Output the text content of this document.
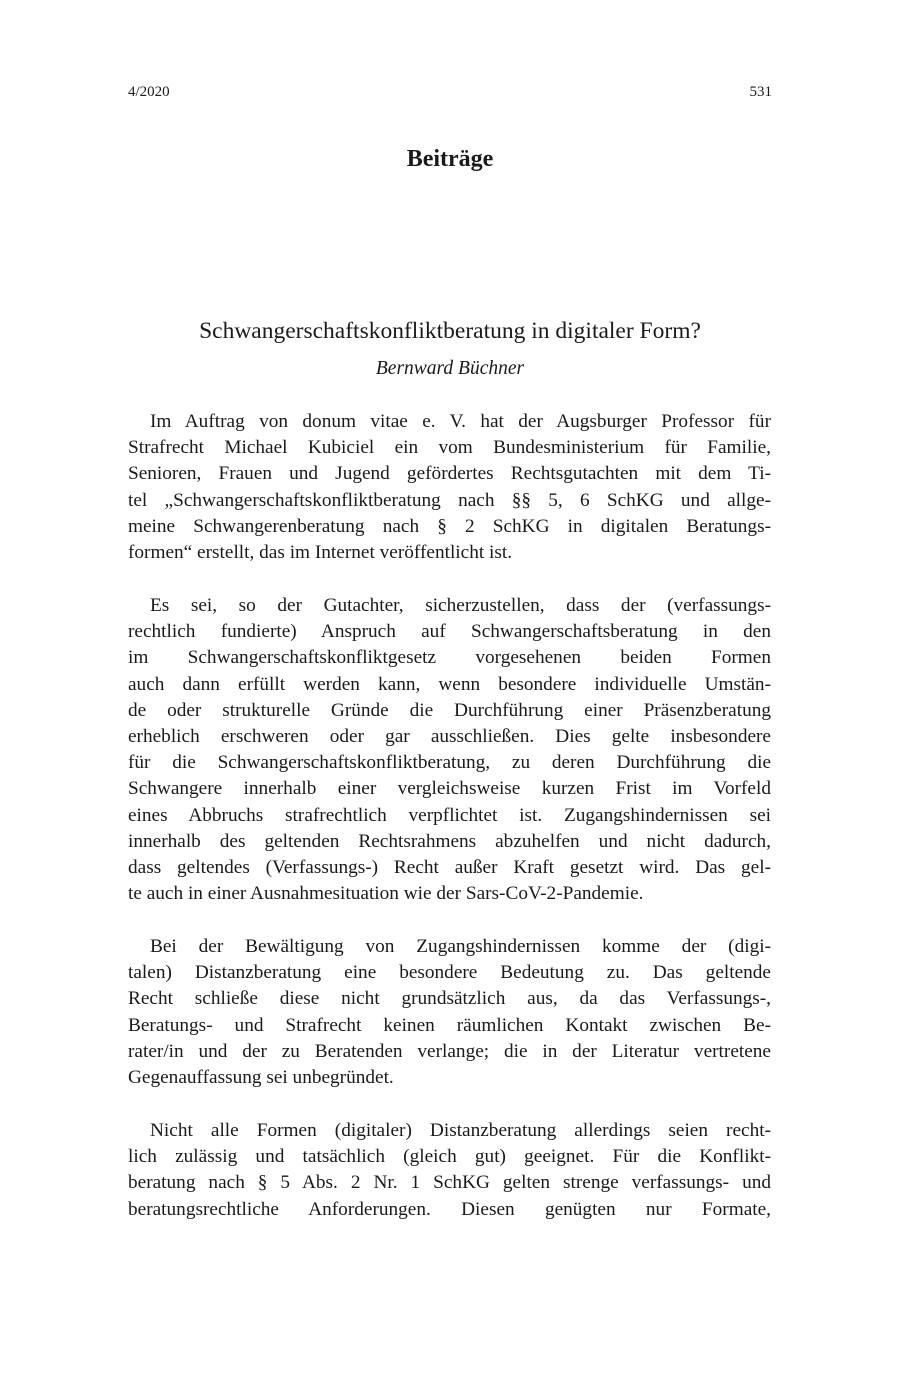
4/2020	531
Beiträge
Schwangerschaftskonfliktberatung in digitaler Form?
Bernward Büchner
Im Auftrag von donum vitae e. V. hat der Augsburger Professor für
Strafrecht Michael Kubiciel ein vom Bundesministerium für Familie,
Senioren, Frauen und Jugend gefördertes Rechtsgutachten mit dem Ti-
tel „Schwangerschaftskonfliktberatung nach §§ 5, 6 SchKG und allge-
meine Schwangerenberatung nach § 2 SchKG in digitalen Beratungs-
formen“ erstellt, das im Internet veröffentlicht ist.
Es sei, so der Gutachter, sicherzustellen, dass der (verfassungs-
rechtlich fundierte) Anspruch auf Schwangerschaftsberatung in den
im Schwangerschaftskonfliktgesetz vorgesehenen beiden Formen
auch dann erfüllt werden kann, wenn besondere individuelle Umstän-
de oder strukturelle Gründe die Durchführung einer Präsenzberatung
erheblich erschweren oder gar ausschließen. Dies gelte insbesondere
für die Schwangerschaftskonfliktberatung, zu deren Durchführung die
Schwangere innerhalb einer vergleichsweise kurzen Frist im Vorfeld
eines Abbruchs strafrechtlich verpflichtet ist. Zugangshindernissen sei
innerhalb des geltenden Rechtsrahmens abzuhelfen und nicht dadurch,
dass geltendes (Verfassungs-) Recht außer Kraft gesetzt wird. Das gel-
te auch in einer Ausnahmesituation wie der Sars-CoV-2-Pandemie.
Bei der Bewältigung von Zugangshindernissen komme der (digi-
talen) Distanzberatung eine besondere Bedeutung zu. Das geltende
Recht schließe diese nicht grundsätzlich aus, da das Verfassungs-,
Beratungs- und Strafrecht keinen räumlichen Kontakt zwischen Be-
rater/in und der zu Beratenden verlange; die in der Literatur vertretene
Gegenauffassung sei unbegründet.
Nicht alle Formen (digitaler) Distanzberatung allerdings seien recht-
lich zulässig und tatsächlich (gleich gut) geeignet. Für die Konflikt-
beratung nach § 5 Abs. 2 Nr. 1 SchKG gelten strenge verfassungs- und
beratungsrechtliche Anforderungen. Diesen genügten nur Formate,
